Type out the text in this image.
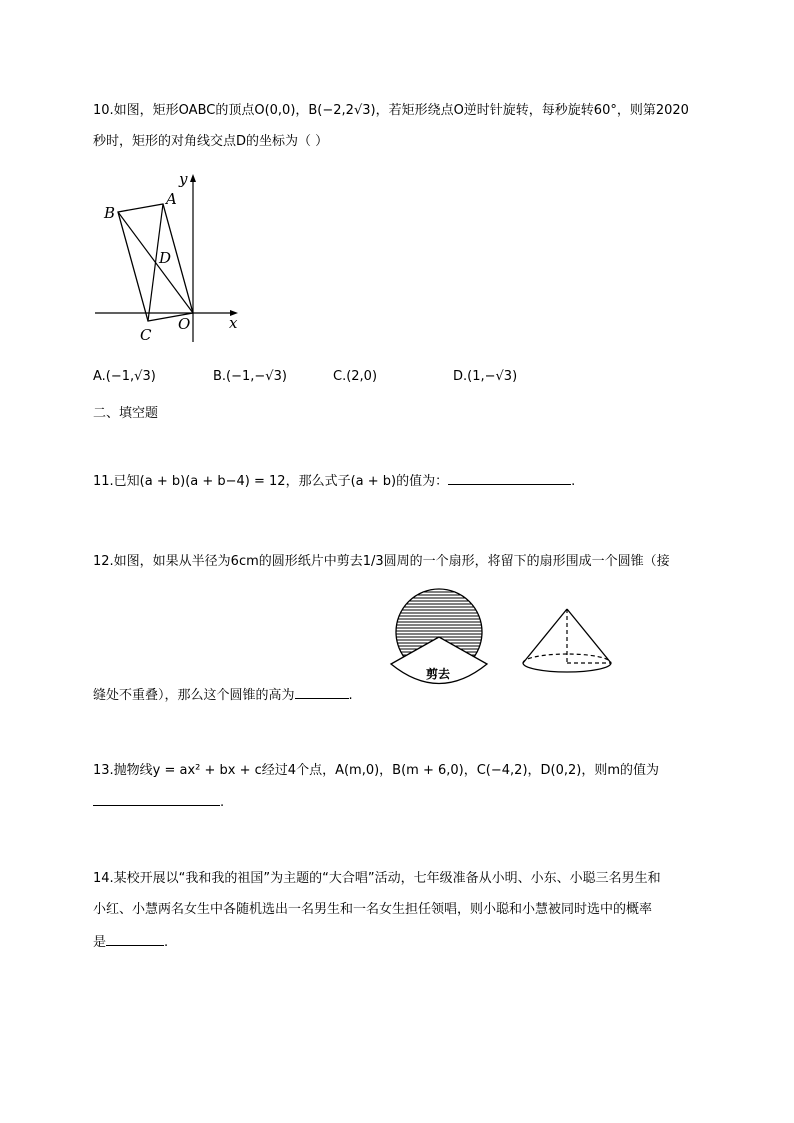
10.如图，矩形OABC的顶点O(0,0)，B(−2,2√3)，若矩形绕点O逆时针旋转，每秒旋转60°，则第2020
秒时，矩形的对角线交点D的坐标为（ ）
y
x
A
B
C
D
O
A.(−1,√3)	B.(−1,−√3)	C.(2,0)	D.(1,−√3)
二、填空题
11.已知(a + b)(a + b−4) = 12，那么式子(a + b)的值为：	.
12.如图，如果从半径为6cm的圆形纸片中剪去1/3圆周的一个扇形，将留下的扇形围成一个圆锥（接
缝处不重叠），那么这个圆锥的高为	.
剪去
13.抛物线y = ax² + bx + c经过4个点，A(m,0)，B(m + 6,0)，C(−4,2)，D(0,2)，则m的值为
.
14.某校开展以“我和我的祖国”为主题的“大合唱”活动，七年级准备从小明、小东、小聪三名男生和
小红、小慧两名女生中各随机选出一名男生和一名女生担任领唱，则小聪和小慧被同时选中的概率
是	.
